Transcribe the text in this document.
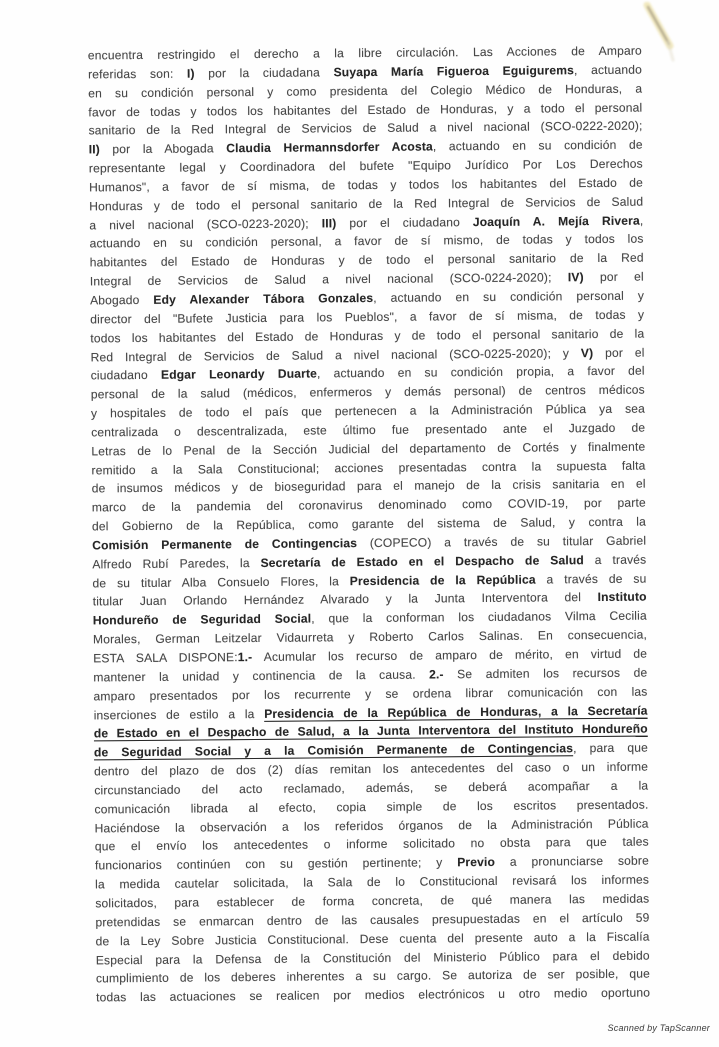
encuentra restringido el derecho a la libre circulación. Las Acciones de Amparo
referidas son: I) por la ciudadana Suyapa María Figueroa Eguigurems, actuando
en su condición personal y como presidenta del Colegio Médico de Honduras, a
favor de todas y todos los habitantes del Estado de Honduras, y a todo el personal
sanitario de la Red Integral de Servicios de Salud a nivel nacional (SCO-0222-2020);
II) por la Abogada Claudia Hermannsdorfer Acosta, actuando en su condición de
representante legal y Coordinadora del bufete "Equipo Jurídico Por Los Derechos
Humanos", a favor de sí misma, de todas y todos los habitantes del Estado de
Honduras y de todo el personal sanitario de la Red Integral de Servicios de Salud
a nivel nacional (SCO-0223-2020); III) por el ciudadano Joaquín A. Mejía Rivera,
actuando en su condición personal, a favor de sí mismo, de todas y todos los
habitantes del Estado de Honduras y de todo el personal sanitario de la Red
Integral de Servicios de Salud a nivel nacional (SCO-0224-2020); IV) por el
Abogado Edy Alexander Tábora Gonzales, actuando en su condición personal y
director del "Bufete Justicia para los Pueblos", a favor de sí misma, de todas y
todos los habitantes del Estado de Honduras y de todo el personal sanitario de la
Red Integral de Servicios de Salud a nivel nacional (SCO-0225-2020); y V) por el
ciudadano Edgar Leonardy Duarte, actuando en su condición propia, a favor del
personal de la salud (médicos, enfermeros y demás personal) de centros médicos
y hospitales de todo el país que pertenecen a la Administración Pública ya sea
centralizada o descentralizada, este último fue presentado ante el Juzgado de
Letras de lo Penal de la Sección Judicial del departamento de Cortés y finalmente
remitido a la Sala Constitucional; acciones presentadas contra la supuesta falta
de insumos médicos y de bioseguridad para el manejo de la crisis sanitaria en el
marco de la pandemia del coronavirus denominado como COVID-19, por parte
del Gobierno de la República, como garante del sistema de Salud, y contra la
Comisión Permanente de Contingencias (COPECO) a través de su titular Gabriel
Alfredo Rubí Paredes, la Secretaría de Estado en el Despacho de Salud a través
de su titular Alba Consuelo Flores, la Presidencia de la República a través de su
titular Juan Orlando Hernández Alvarado y la Junta Interventora del Instituto
Hondureño de Seguridad Social, que la conforman los ciudadanos Vilma Cecilia
Morales, German Leitzelar Vidaurreta y Roberto Carlos Salinas. En consecuencia,
ESTA SALA DISPONE:1.- Acumular los recurso de amparo de mérito, en virtud de
mantener la unidad y continencia de la causa. 2.- Se admiten los recursos de
amparo presentados por los recurrente y se ordena librar comunicación con las
inserciones de estilo a la Presidencia de la República de Honduras, a la Secretaría
de Estado en el Despacho de Salud, a la Junta Interventora del Instituto Hondureño
de Seguridad Social y a la Comisión Permanente de Contingencias, para que
dentro del plazo de dos (2) días remitan los antecedentes del caso o un informe
circunstanciado del acto reclamado, además, se deberá acompañar a la
comunicación librada al efecto, copia simple de los escritos presentados.
Haciéndose la observación a los referidos órganos de la Administración Pública
que el envío los antecedentes o informe solicitado no obsta para que tales
funcionarios continúen con su gestión pertinente; y Previo a pronunciarse sobre
la medida cautelar solicitada, la Sala de lo Constitucional revisará los informes
solicitados, para establecer de forma concreta, de qué manera las medidas
pretendidas se enmarcan dentro de las causales presupuestadas en el artículo 59
de la Ley Sobre Justicia Constitucional. Dese cuenta del presente auto a la Fiscalía
Especial para la Defensa de la Constitución del Ministerio Público para el debido
cumplimiento de los deberes inherentes a su cargo. Se autoriza de ser posible, que
todas las actuaciones se realicen por medios electrónicos u otro medio oportuno
Scanned by TapScanner
